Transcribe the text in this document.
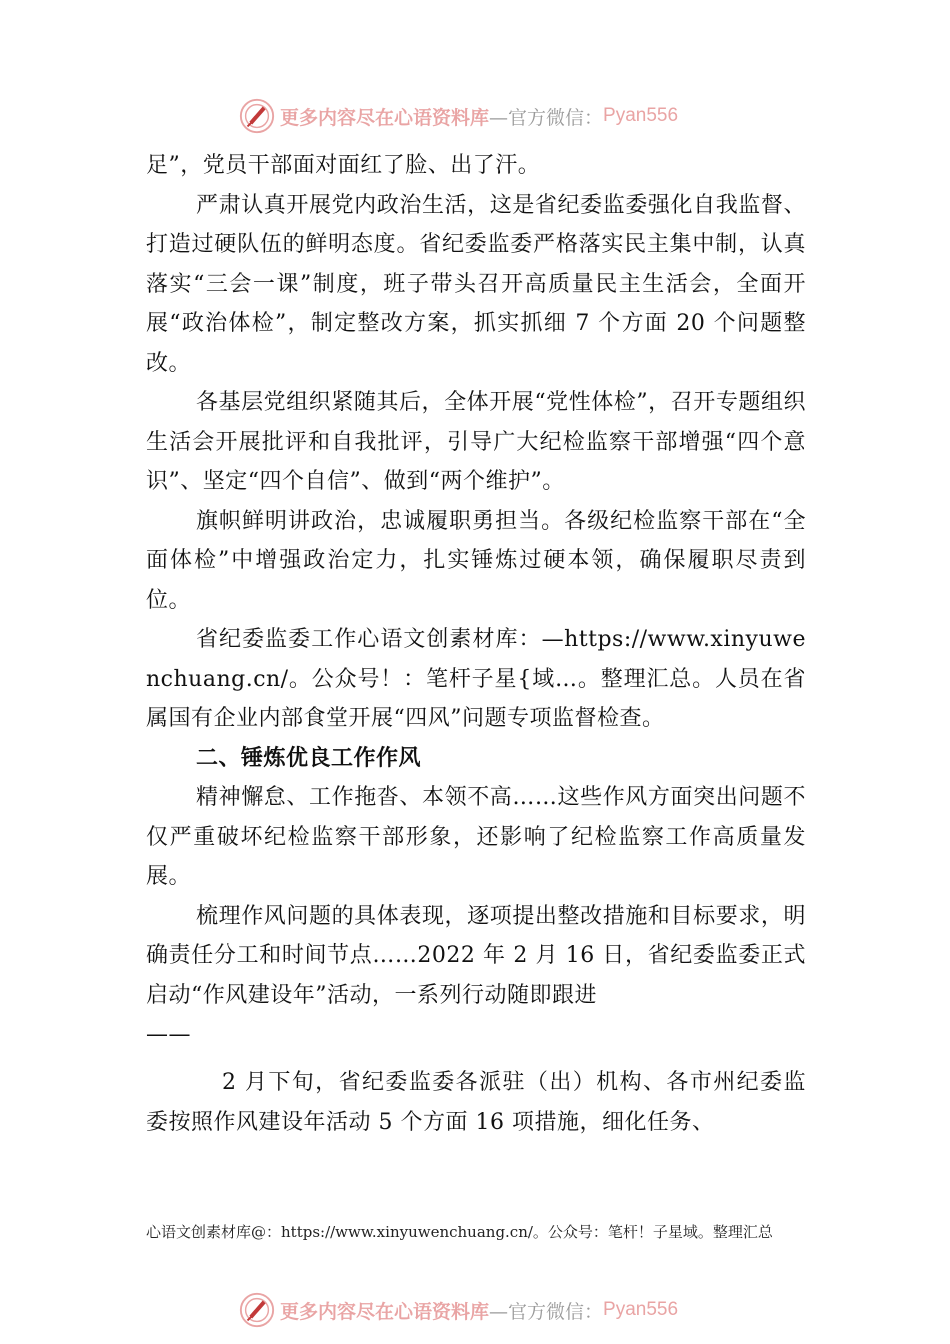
更多内容尽在心语资料库 —官方微信： Pyan556

足”，党员干部面对面红了脸、出了汗。

严肃认真开展党内政治生活，这是省纪委监委强化自我监督、打造过硬队伍的鲜明态度。省纪委监委严格落实民主集中制，认真落实“三会一课”制度，班子带头召开高质量民主生活会，全面开展“政治体检”，制定整改方案，抓实抓细 7 个方面 20 个问题整改。

各基层党组织紧随其后，全体开展“党性体检”，召开专题组织生活会开展批评和自我批评，引导广大纪检监察干部增强“四个意识”、坚定“四个自信”、做到“两个维护”。

旗帜鲜明讲政治，忠诚履职勇担当。各级纪检监察干部在“全面体检”中增强政治定力，扎实锤炼过硬本领，确保履职尽责到位。

省纪委监委工作心语文创素材库：—https://www.xinyuwenchuang.cn/。公众号！：笔杆子星{域…。整理汇总。人员在省属国有企业内部食堂开展“四风”问题专项监督检查。

二、锤炼优良工作作风

精神懈怠、工作拖沓、本领不高……这些作风方面突出问题不仅严重破坏纪检监察干部形象，还影响了纪检监察工作高质量发展。

梳理作风问题的具体表现，逐项提出整改措施和目标要求，明确责任分工和时间节点……2022 年 2 月 16 日，省纪委监委正式启动“作风建设年”活动，一系列行动随即跟进

——

2 月下旬，省纪委监委各派驻（出）机构、各市州纪委监委按照作风建设年活动 5 个方面 16 项措施，细化任务、

心语文创素材库@：https://www.xinyuwenchuang.cn/。公众号：笔杆！子星域。整理汇总
更多内容尽在心语资料库 —官方微信： Pyan556
